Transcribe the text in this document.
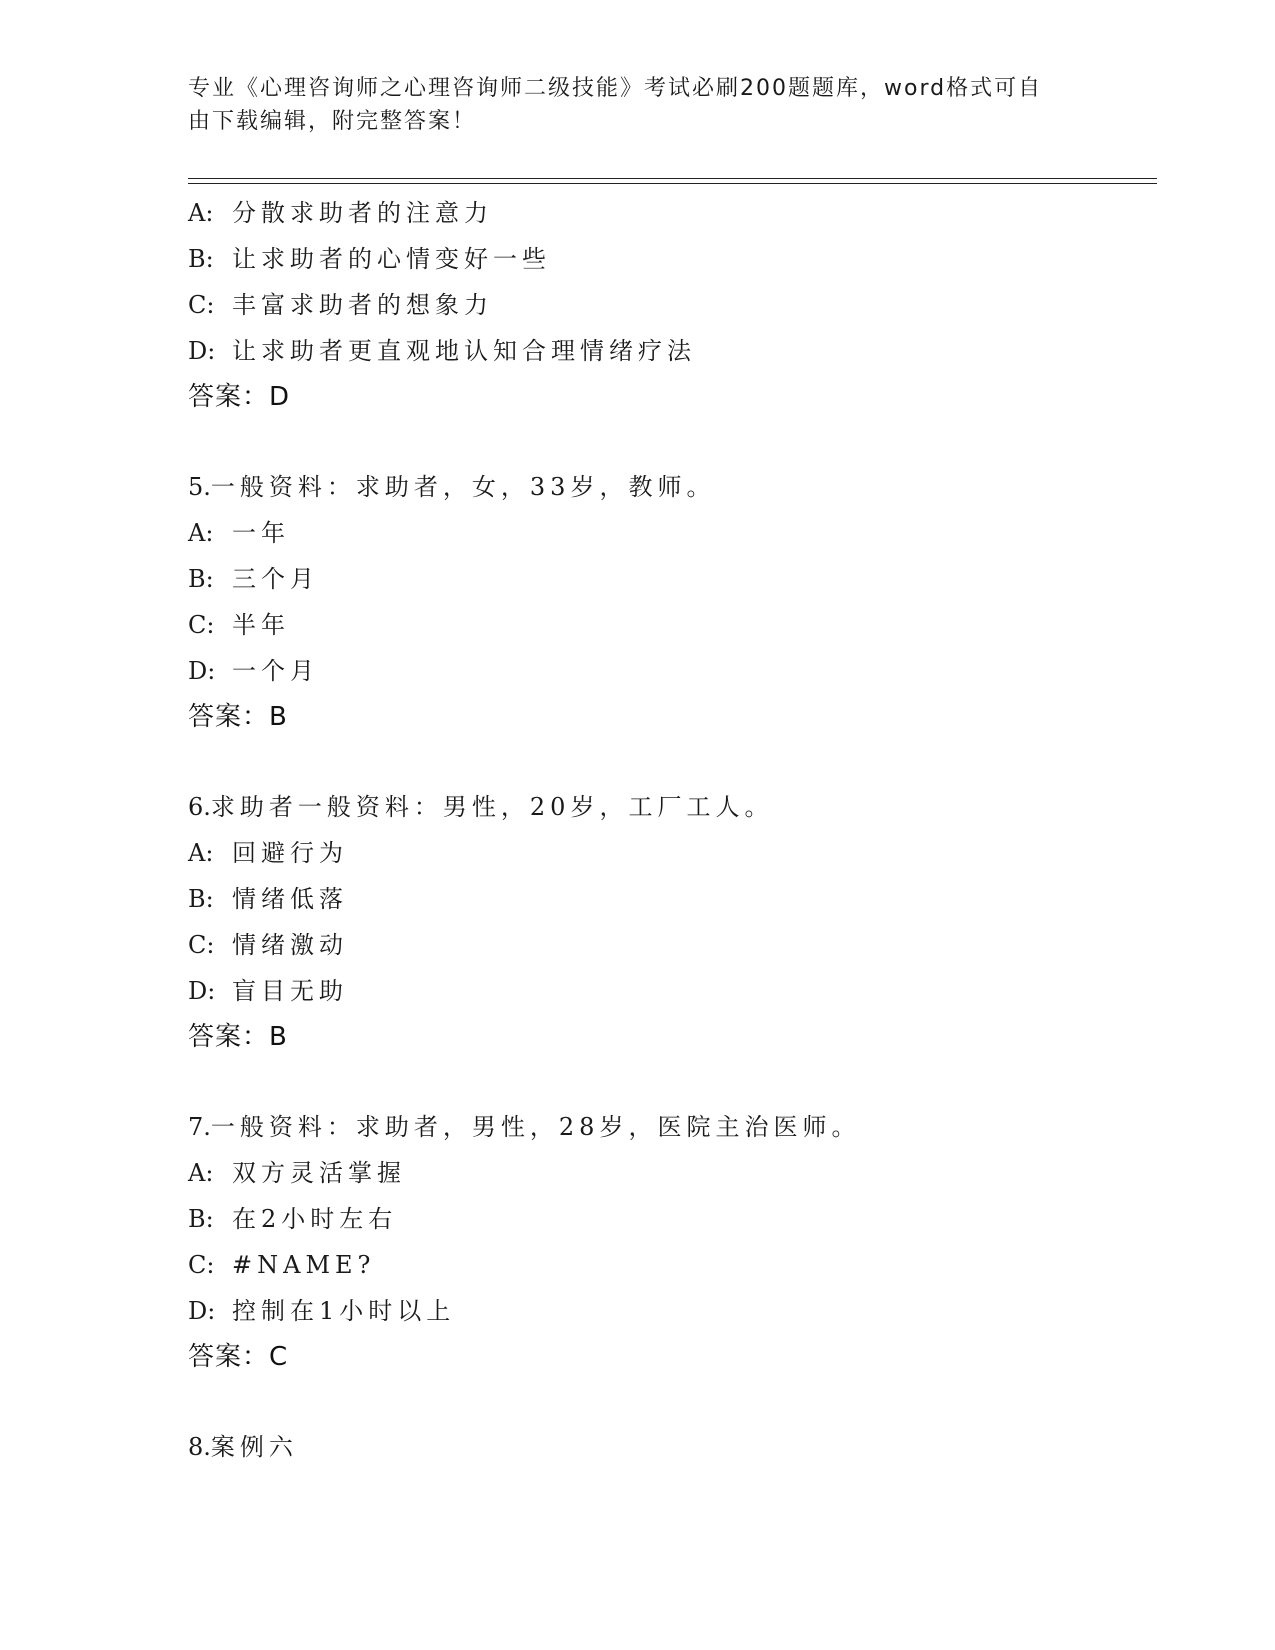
专业《心理咨询师之心理咨询师二级技能》考试必刷200题题库，word格式可自
由下载编辑，附完整答案！
A: 分散求助者的注意力
B: 让求助者的心情变好一些
C: 丰富求助者的想象力
D: 让求助者更直观地认知合理情绪疗法
答案：D
5.一般资料：求助者，女，33岁，教师。
A: 一年
B: 三个月
C: 半年
D: 一个月
答案：B
6.求助者一般资料：男性，20岁，工厂工人。
A: 回避行为
B: 情绪低落
C: 情绪激动
D: 盲目无助
答案：B
7.一般资料：求助者，男性，28岁，医院主治医师。
A: 双方灵活掌握
B: 在2小时左右
C: #NAME?
D: 控制在1小时以上
答案：C
8.案例六
